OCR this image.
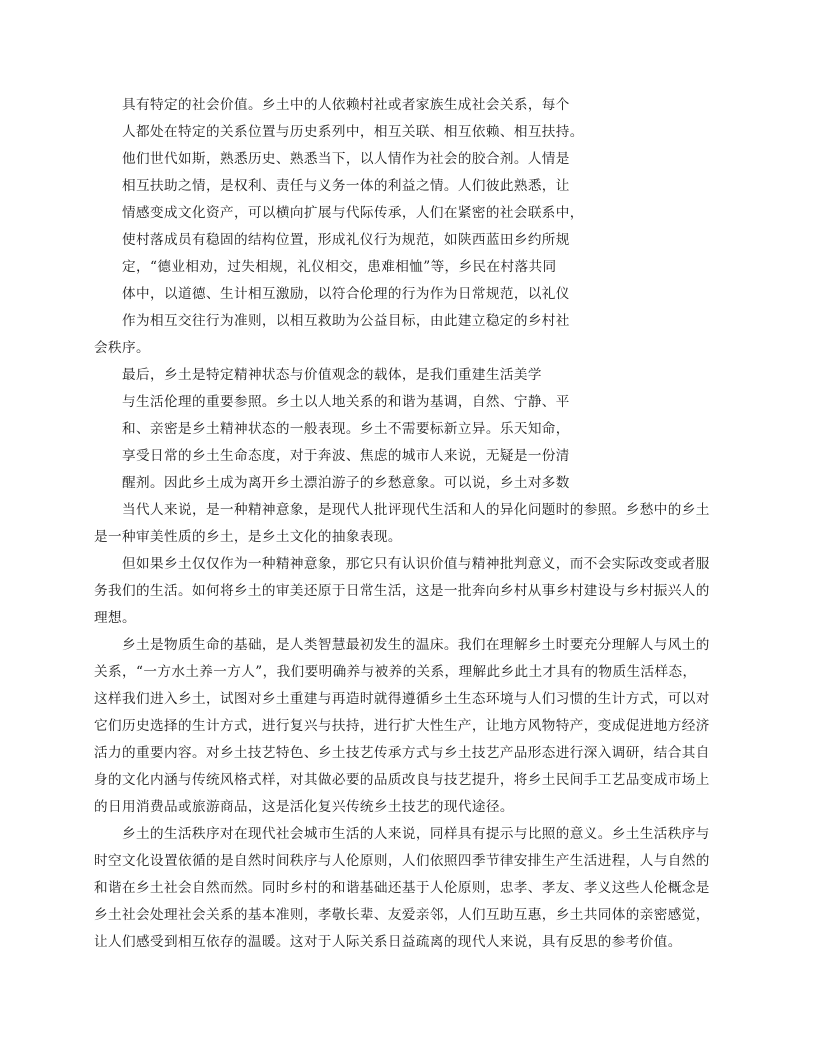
具有特定的社会价值。乡土中的人依赖村社或者家族生成社会关系，每个

人都处在特定的关系位置与历史系列中，相互关联、相互依赖、相互扶持。

他们世代如斯，熟悉历史、熟悉当下，以人情作为社会的胶合剂。人情是

相互扶助之情，是权利、责任与义务一体的利益之情。人们彼此熟悉，让

情感变成文化资产，可以横向扩展与代际传承，人们在紧密的社会联系中，

使村落成员有稳固的结构位置，形成礼仪行为规范，如陕西蓝田乡约所规

定，“德业相劝，过失相规，礼仪相交，患难相恤”等，乡民在村落共同

体中，以道德、生计相互激励，以符合伦理的行为作为日常规范，以礼仪

作为相互交往行为准则，以相互救助为公益目标，由此建立稳定的乡村社

会秩序。

最后，乡土是特定精神状态与价值观念的载体，是我们重建生活美学

与生活伦理的重要参照。乡土以人地关系的和谐为基调，自然、宁静、平

和、亲密是乡土精神状态的一般表现。乡土不需要标新立异。乐天知命，

享受日常的乡土生命态度，对于奔波、焦虑的城市人来说，无疑是一份清

醒剂。因此乡土成为离开乡土漂泊游子的乡愁意象。可以说，乡土对多数

当代人来说，是一种精神意象，是现代人批评现代生活和人的异化问题时的参照。乡愁中的乡土

是一种审美性质的乡土，是乡土文化的抽象表现。

但如果乡土仅仅作为一种精神意象，那它只有认识价值与精神批判意义，而不会实际改变或者服

务我们的生活。如何将乡土的审美还原于日常生活，这是一批奔向乡村从事乡村建设与乡村振兴人的

理想。

乡土是物质生命的基础，是人类智慧最初发生的温床。我们在理解乡土时要充分理解人与风土的

关系，“一方水土养一方人”，我们要明确养与被养的关系，理解此乡此土才具有的物质生活样态，

这样我们进入乡土，试图对乡土重建与再造时就得遵循乡土生态环境与人们习惯的生计方式，可以对

它们历史选择的生计方式，进行复兴与扶持，进行扩大性生产，让地方风物特产，变成促进地方经济

活力的重要内容。对乡土技艺特色、乡土技艺传承方式与乡土技艺产品形态进行深入调研，结合其自

身的文化内涵与传统风格式样，对其做必要的品质改良与技艺提升，将乡土民间手工艺品变成市场上

的日用消费品或旅游商品，这是活化复兴传统乡土技艺的现代途径。

乡土的生活秩序对在现代社会城市生活的人来说，同样具有提示与比照的意义。乡土生活秩序与

时空文化设置依循的是自然时间秩序与人伦原则，人们依照四季节律安排生产生活进程，人与自然的

和谐在乡土社会自然而然。同时乡村的和谐基础还基于人伦原则，忠孝、孝友、孝义这些人伦概念是

乡土社会处理社会关系的基本准则，孝敬长辈、友爱亲邻，人们互助互惠，乡土共同体的亲密感觉，

让人们感受到相互依存的温暖。这对于人际关系日益疏离的现代人来说，具有反思的参考价值。
